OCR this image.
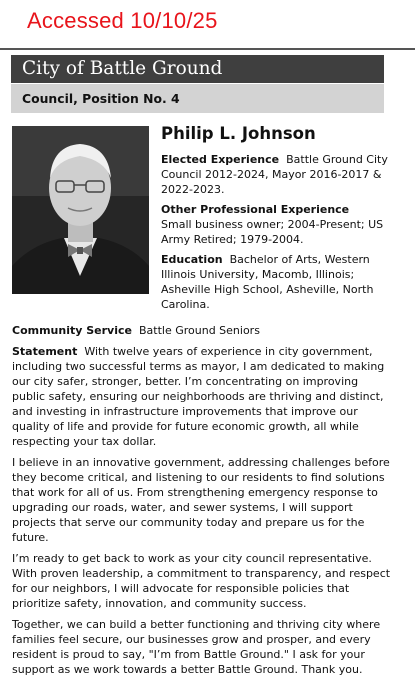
Accessed 10/10/25
City of Battle Ground
Council, Position No. 4
Philip L. Johnson

Elected Experience Battle Ground City Council 2012-2024, Mayor 2016-2017 & 2022-2023.

Other Professional Experience
Small business owner; 2004-Present; US Army Retired; 1979-2004.

Education Bachelor of Arts, Western Illinois University, Macomb, Illinois; Asheville High School, Asheville, North Carolina.

Community Service Battle Ground Seniors

Statement With twelve years of experience in city government, including two successful terms as mayor, I am dedicated to making our city safer, stronger, better. I’m concentrating on improving public safety, ensuring our neighborhoods are thriving and distinct, and investing in infrastructure improvements that improve our quality of life and provide for future economic growth, all while respecting your tax dollar.

I believe in an innovative government, addressing challenges before they become critical, and listening to our residents to find solutions that work for all of us. From strengthening emergency response to upgrading our roads, water, and sewer systems, I will support projects that serve our community today and prepare us for the future.

I’m ready to get back to work as your city council representative. With proven leadership, a commitment to transparency, and respect for our neighbors, I will advocate for responsible policies that prioritize safety, innovation, and community success.

Together, we can build a better functioning and thriving city where families feel secure, our businesses grow and prosper, and every resident is proud to say, "I’m from Battle Ground." I ask for your support as we work towards a better Battle Ground. Thank you.
